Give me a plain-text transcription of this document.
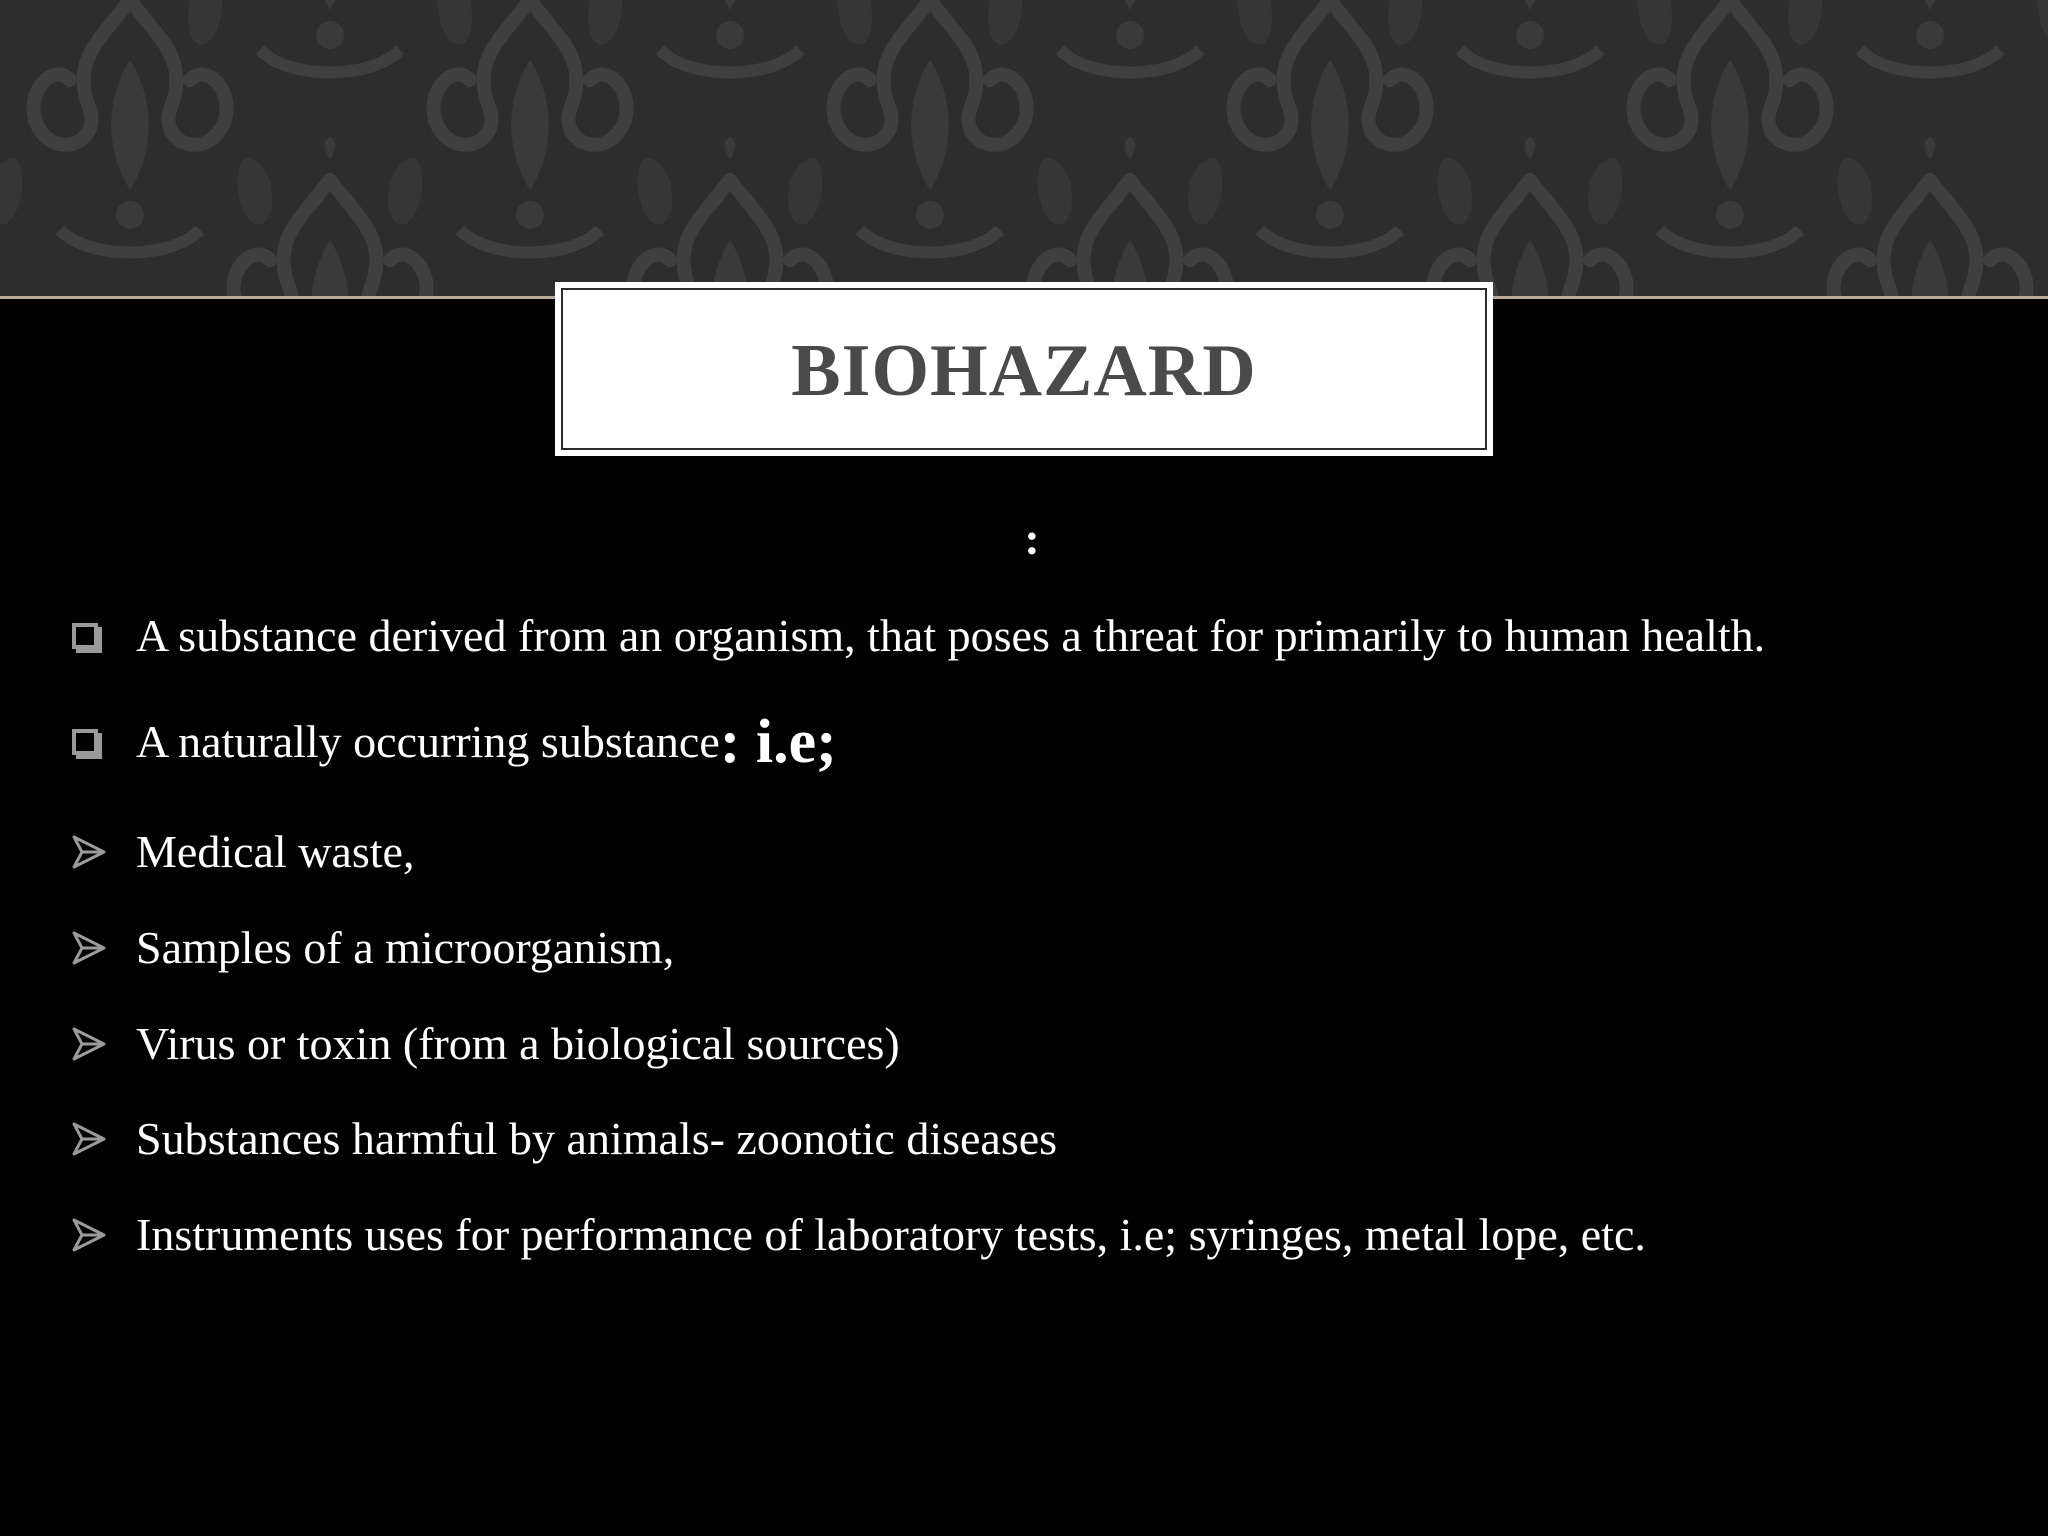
BIOHAZARD
:
A substance derived from an organism, that poses a threat for primarily to human health.
A naturally occurring substance : i.e;
Medical waste,
Samples of a microorganism,
Virus or toxin (from a biological sources)
Substances harmful by animals- zoonotic diseases
Instruments uses for performance of laboratory tests, i.e; syringes, metal lope, etc.
